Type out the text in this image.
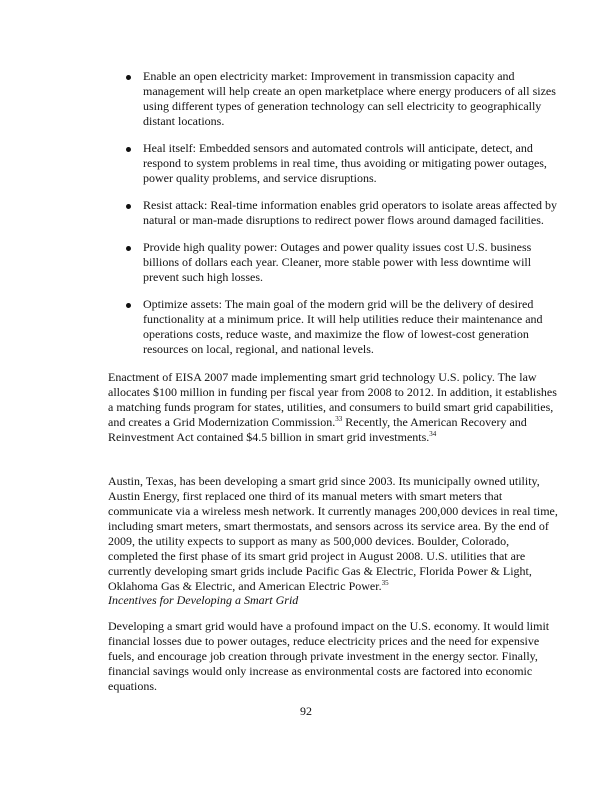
Enable an open electricity market: Improvement in transmission capacity and management will help create an open marketplace where energy producers of all sizes using different types of generation technology can sell electricity to geographically distant locations.
Heal itself: Embedded sensors and automated controls will anticipate, detect, and respond to system problems in real time, thus avoiding or mitigating power outages, power quality problems, and service disruptions.
Resist attack: Real-time information enables grid operators to isolate areas affected by natural or man-made disruptions to redirect power flows around damaged facilities.
Provide high quality power: Outages and power quality issues cost U.S. business billions of dollars each year. Cleaner, more stable power with less downtime will prevent such high losses.
Optimize assets: The main goal of the modern grid will be the delivery of desired functionality at a minimum price. It will help utilities reduce their maintenance and operations costs, reduce waste, and maximize the flow of lowest-cost generation resources on local, regional, and national levels.

Enactment of EISA 2007 made implementing smart grid technology U.S. policy. The law allocates $100 million in funding per fiscal year from 2008 to 2012. In addition, it establishes a matching funds program for states, utilities, and consumers to build smart grid capabilities, and creates a Grid Modernization Commission.$^{33}$ Recently, the American Recovery and Reinvestment Act contained $4.5 billion in smart grid investments.$^{34}$

Austin, Texas, has been developing a smart grid since 2003. Its municipally owned utility, Austin Energy, first replaced one third of its manual meters with smart meters that communicate via a wireless mesh network. It currently manages 200,000 devices in real time, including smart meters, smart thermostats, and sensors across its service area. By the end of 2009, the utility expects to support as many as 500,000 devices. Boulder, Colorado, completed the first phase of its smart grid project in August 2008. U.S. utilities that are currently developing smart grids include Pacific Gas & Electric, Florida Power & Light, Oklahoma Gas & Electric, and American Electric Power.$^{35}$

Incentives for Developing a Smart Grid

Developing a smart grid would have a profound impact on the U.S. economy. It would limit financial losses due to power outages, reduce electricity prices and the need for expensive fuels, and encourage job creation through private investment in the energy sector. Finally, financial savings would only increase as environmental costs are factored into economic equations.

92
